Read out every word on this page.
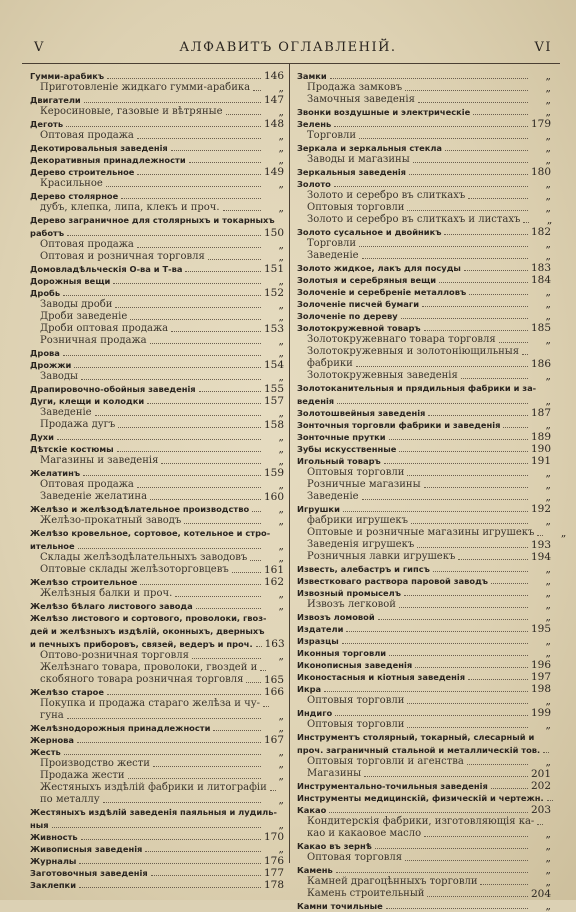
V	АЛФАВИТЪ ОГЛАВЛЕНІЙ.	VI
Гумми-арабикъ	146
Приготовленіе жидкаго гумми-арабика	„
Двигатели	147
Керосиновые, газовые и вѣтряные	„
Деготь	148
Оптовая продажа	„
Декотировальныя заведенія	„
Декоративныя принадлежности	„
Дерево строительное	149
Красильное	„
Дерево столярное
дубъ, клепка, липа, клекъ и проч.	„
Дерево заграничное для столярныхъ и токарныхъ
работъ	150
Оптовая продажа	„
Оптовая и розничная торговля	„
Домовладѣльческія О-ва и Т-ва	151
Дорожныя вещи	„
Дробь	152
Заводы дроби	„
Дроби заведеніе	„
Дроби оптовая продажа	153
Розничная продажа	„
Дрова	„
Дрожжи	154
Заводы	„
Драпировочно-обойныя заведенія	155
Дуги, клещи и колодки	157
Заведеніе	„
Продажа дугъ	158
Духи	„
Дѣтскіе костюмы	„
Магазины и заведенія	„
Желатинъ	159
Оптовая продажа	„
Заведеніе желатина	160
Желѣзо и желѣзодѣлательное производство	„
Желѣзо-прокатный заводъ	„
Желѣзо кровельное, сортовое, котельное и стро-
ительное	„
Склады желѣзодѣлательныхъ заводовъ	„
Оптовые склады желѣзоторговцевъ	161
Желѣзо строительное	162
Желѣзныя балки и проч.	„
Желѣзо бѣлаго листового завода	„
Желѣзо листового и сортового, проволоки, гвоз-
дей и желѣзныхъ издѣлій, оконныхъ, дверныхъ
и печныхъ приборовъ, связей, ведеръ и проч. 163
Оптово-розничная торговля	„
Желѣзнаго товара, проволоки, гвоздей и
скобяного товара розничная торговля 165
Желѣзо старое	166
Покупка и продажа стараго желѣза и чу-
гуна	„
Желѣзнодорожныя принадлежности	„
Жернова	167
Жесть	„
Производство жести	„
Продажа жести	„
Жестяныхъ издѣлій фабрики и литографіи
по металлу	„
Жестяныхъ издѣлій заведенія паяльныя и лудиль-
ныя	„
Живность	170
Живописныя заведенія	„
Журналы	176
Заготовочныя заведенія	177
Заклепки	178
Замки	„
Продажа замковъ	„
Замочныя заведенія	„
Звонки воздушные и электрическіе	„
Зелень	179
Торговли	„
Зеркала и зеркальныя стекла	„
Заводы и магазины	„
Зеркальныя заведенія	180
Золото	„
Золото и серебро въ слиткахъ	„
Оптовыя торговли	„
Золото и серебро въ слиткахъ и листахъ	„
Золото сусальное и двойникъ	182
Торговли	„
Заведеніе	„
Золото жидкое, лакъ для посуды	183
Золотыя и серебряныя вещи	184
Золоченіе и серебреніе металловъ	„
Золоченіе писчей бумаги	„
Золоченіе по дереву	„
Золотокружевной товаръ	185
Золотокружевнаго товара торговля	„
Золотокружевныя и золотоніющильныя
фабрики	186
Золотокружевныя заведенія	„
Золотоканительныя и прядильныя фабрики и за-
веденія	„
Золотошвейныя заведенія	187
Зонточныя торговли фабрики и заведенія	„
Зонточные прутки	189
Зубы искусственные	190
Игольный товаръ	191
Оптовыя торговли	„
Розничные магазины	„
Заведеніе	„
Игрушки	192
фабрики игрушекъ	„
Оптовые и розничные магазины игрушекъ	„
Заведенія игрушекъ	193
Розничныя лавки игрушекъ	194
Известь, алебастръ и гипсъ	„
Известковаго раствора паровой заводъ	„
Извозный промыселъ	„
Извозъ легковой	„
Извозъ ломовой	„
Издатели	195
Изразцы	„
Иконныя торговли	„
Иконописныя заведенія	196
Иконостасныя и кіотныя заведенія	197
Икра	198
Оптовыя торговли	„
Индиго	199
Оптовыя торговли	„
Инструментъ столярный, токарный, слесарный и
проч. заграничный стальной и металлическій тов.
Оптовыя торговли и агенства	„
Магазины	201
Инструментально-точильныя заведенія	202
Инструменты медицинскій, физическій и чертежн.
Какао	203
Кондитерскія фабрики, изготовляющія ка-
као и какаовое масло	„
Какао въ зернѣ	„
Оптовая торговля	„
Камень	„
Камней драгоцѣнныхъ торговли	„
Камень строительный	204
Камни точильные	„
